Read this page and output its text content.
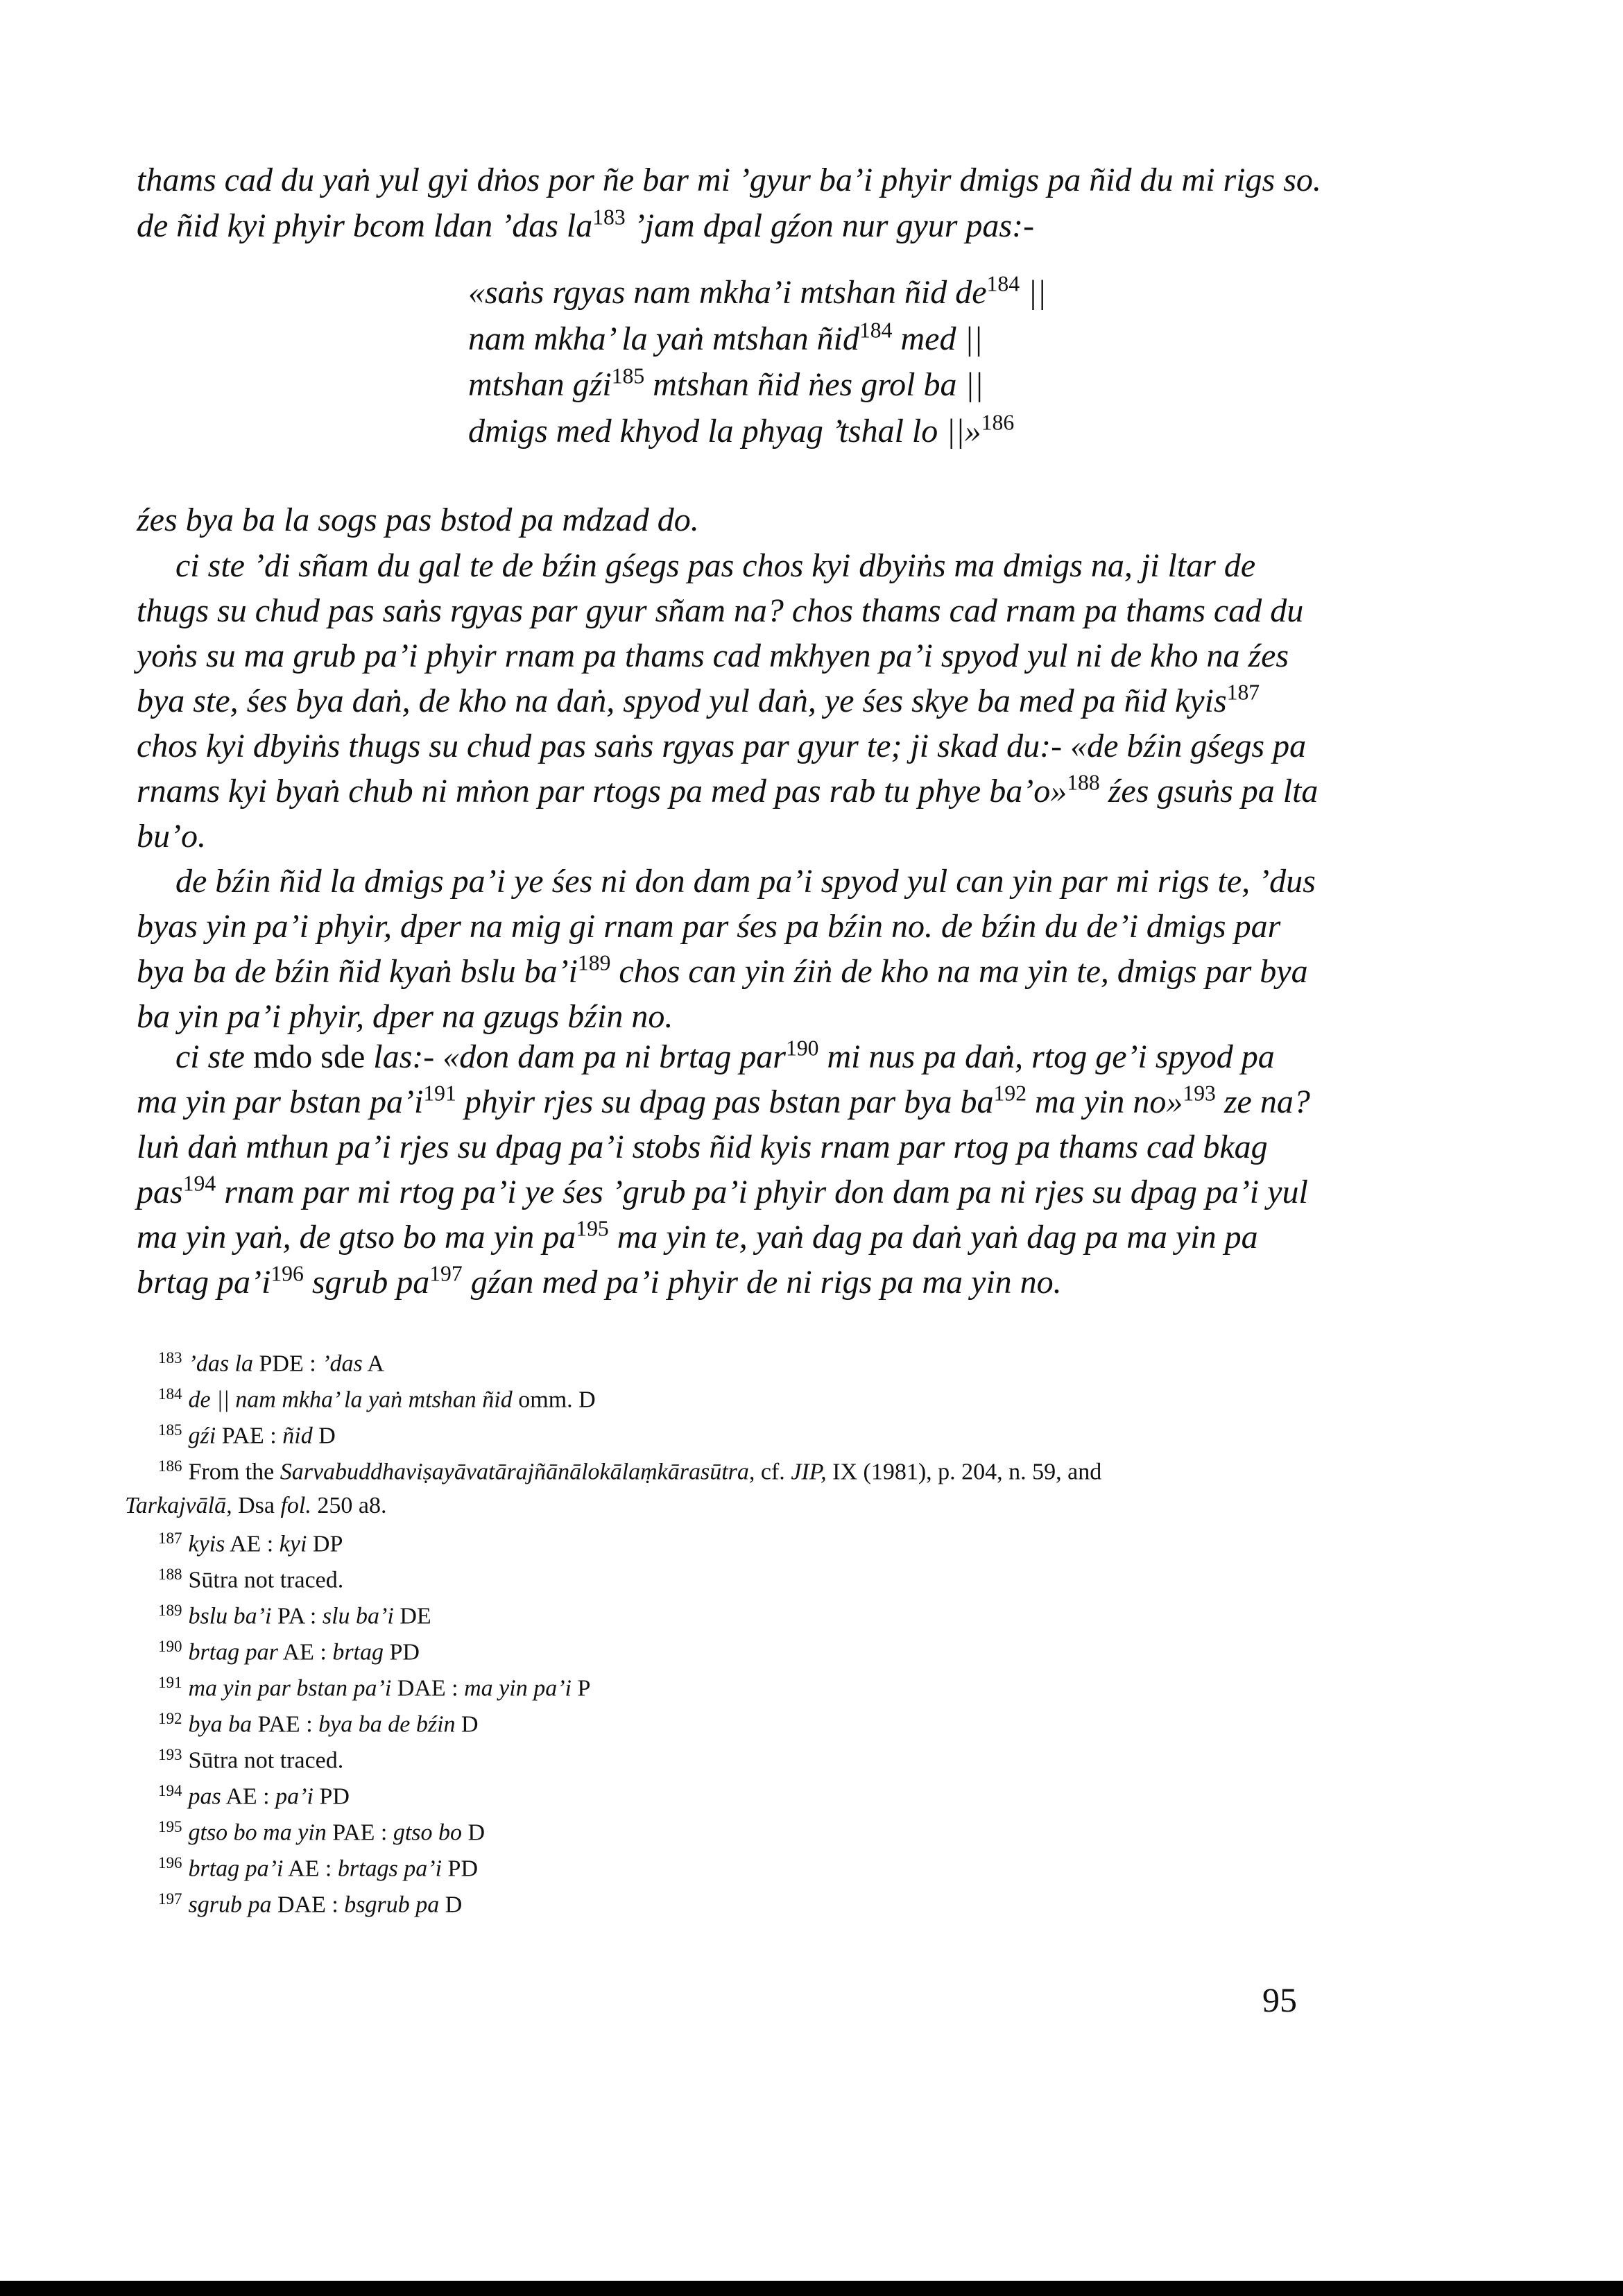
thams cad du yaṅ yul gyi dṅos por ñe bar mi ’gyur ba’i phyir dmigs pa ñid du mi rigs so.
de ñid kyi phyir bcom ldan ’das $la^{183}$ ’jam dpal gźon nur gyur pas:-
«saṅs rgyas nam mkha’i mtshan ñid $de^{184}$ ||
nam mkha’ la yaṅ mtshan ñid$^{184}$ med ||
mtshan gźi$^{185}$ mtshan ñid ṅes grol ba ||
dmigs med khyod la phyag ’tshal lo ||»$^{186}$
źes bya ba la sogs pas bstod pa mdzad do.
ci ste ’di sñam du gal te de bźin gśegs pas chos kyi dbyiṅs ma dmigs na, ji ltar de
thugs su chud pas saṅs rgyas par gyur sñam na? chos thams cad rnam pa thams cad du
yoṅs su ma grub pa’i phyir rnam pa thams cad mkhyen pa’i spyod yul ni de kho na źes
bya ste, śes bya daṅ, de kho na daṅ, spyod yul daṅ, ye śes skye ba med pa ñid kyis$^{187}$
chos kyi dbyiṅs thugs su chud pas saṅs rgyas par gyur te; ji skad du:- «de bźin gśegs pa
rnams kyi byaṅ chub ni mṅon par rtogs pa med pas rab tu phye ba’o»$^{188}$ źes gsuṅs pa lta
bu’o.
de bźin ñid la dmigs pa’i ye śes ni don dam pa’i spyod yul can yin par mi rigs te, ’dus
byas yin pa’i phyir, dper na mig gi rnam par śes pa bźin no. de bźin du de’i dmigs par
bya ba de bźin ñid kyaṅ bslu $ba’i^{189}$ chos can yin źiṅ de kho na ma yin te, dmigs par bya
ba yin pa’i phyir, dper na gzugs bźin no.
ci ste mdo sde las:- «don dam pa ni brtag par$^{190}$ mi nus pa daṅ, rtog ge’i spyod pa
ma yin par bstan $pa’i^{191}$ phyir rjes su dpag pas bstan par bya $ba^{192}$ ma yin no»$^{193}$ ze na?
luṅ daṅ mthun pa’i rjes su dpag pa’i stobs ñid kyis rnam par rtog pa thams cad bkag
pas$^{194}$ rnam par mi rtog pa’i ye śes ’grub pa’i phyir don dam pa ni rjes su dpag pa’i yul
ma yin yaṅ, de gtso bo ma yin $pa^{195}$ ma yin te, yaṅ dag pa daṅ yaṅ dag pa ma yin pa
brtag $pa’i^{196}$ sgrub $pa^{197}$ gźan med pa’i phyir de ni rigs pa ma yin no.
$^{183}$ ’das la PDE : ’das A
$^{184}$ de || nam mkha’ la yaṅ mtshan ñid omm. D
$^{185}$ gźi PAE : ñid D
$^{186}$ From the Sarvabuddhaviṣayāvatārajñānālokālaṃkārasūtra, cf. JIP, IX (1981), p. 204, n. 59, and
Tarkajvālā, Dsa fol. 250 a8.
$^{187}$ kyis AE : kyi DP
$^{188}$ Sūtra not traced.
$^{189}$ bslu ba’i PA : slu ba’i DE
$^{190}$ brtag par AE : brtag PD
$^{191}$ ma yin par bstan pa’i DAE : ma yin pa’i P
$^{192}$ bya ba PAE : bya ba de bźin D
$^{193}$ Sūtra not traced.
$^{194}$ pas AE : pa’i PD
$^{195}$ gtso bo ma yin PAE : gtso bo D
$^{196}$ brtag pa’i AE : brtags pa’i PD
$^{197}$ sgrub pa DAE : bsgrub pa D
95
